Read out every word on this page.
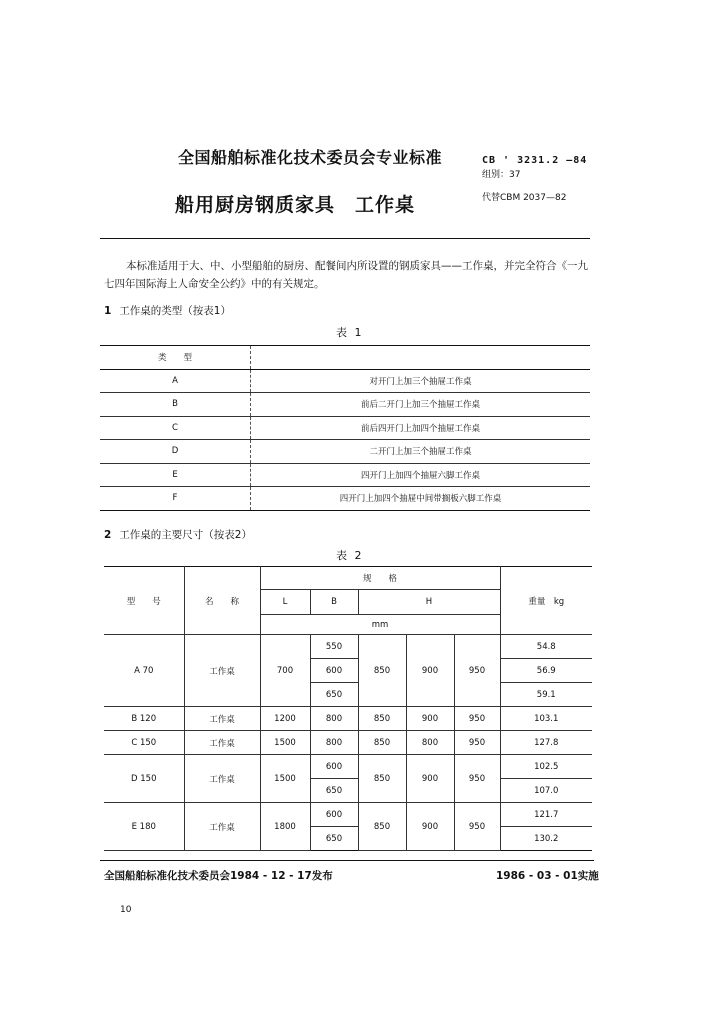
全国船舶标准化技术委员会专业标准
船用厨房钢质家具　工作桌
CB ' 3231.2 —84
组别：37
代替CBM 2037—82
本标准适用于大、中、小型船舶的厨房、配餐间内所设置的钢质家具——工作桌，并完全符合《一九七四年国际海上人命安全公约》中的有关规定。
1 工作桌的类型（按表1）
表 1
类　　型	
A	对开门上加三个抽屉工作桌
B	前后二开门上加三个抽屉工作桌
C	前后四开门上加四个抽屉工作桌
D	二开门上加三个抽屉工作桌
E	四开门上加四个抽屉六脚工作桌
F	四开门上加四个抽屉中间带搁板六脚工作桌
2 工作桌的主要尺寸（按表2）
表 2
型　　号	名　　称	规　　格					重量　kg
		L	B	H			
		mm					
A 70	工作桌	700	550	850	900	950	54.8
			600				56.9
			650				59.1
B 120	工作桌	1200	800	850	900	950	103.1
C 150	工作桌	1500	800	850	800	950	127.8
D 150	工作桌	1500	600	850	900	950	102.5
			650				107.0
E 180	工作桌	1800	600	850	900	950	121.7
			650				130.2
全国船舶标准化技术委员会1984 - 12 - 17发布	1986 - 03 - 01实施
10
